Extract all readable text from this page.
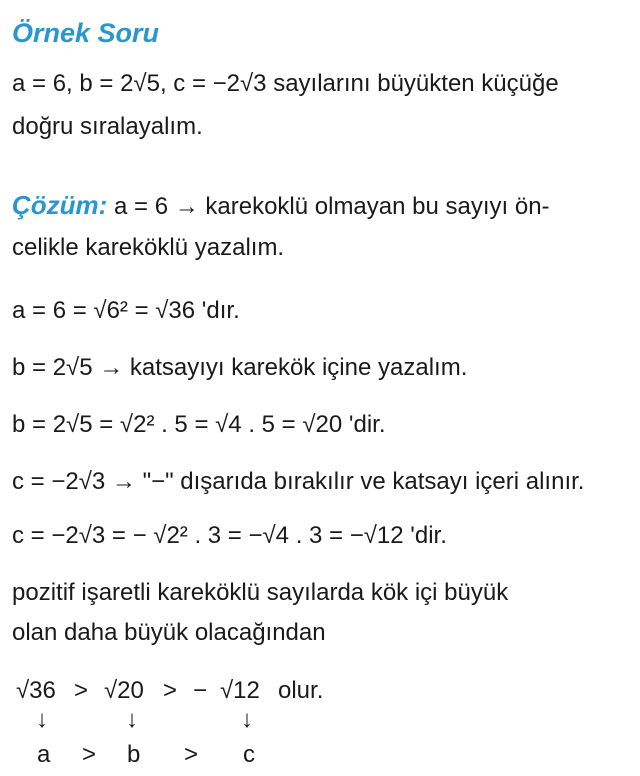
Örnek Soru
a = 6, b = 2√5, c = −2√3 sayılarını büyükten küçüğe
doğru sıralayalım.
Çözüm: a = 6 → karekoklü olmayan bu sayıyı ön-
celikle kareköklü yazalım.
a = 6 = √6² = √36 'dır.
b = 2√5 → katsayıyı karekök içine yazalım.
b = 2√5 = √2² . 5 = √4 . 5 = √20 'dir.
c = −2√3 → "−" dışarıda bırakılır ve katsayı içeri alınır.
c = −2√3 = − √2² . 3 = −√4 . 3 = −√12 'dir.
pozitif işaretli kareköklü sayılarda kök içi büyük
olan daha büyük olacağından
√36 > √20 > − √12 olur.
↓	↓	↓
a > b > c
